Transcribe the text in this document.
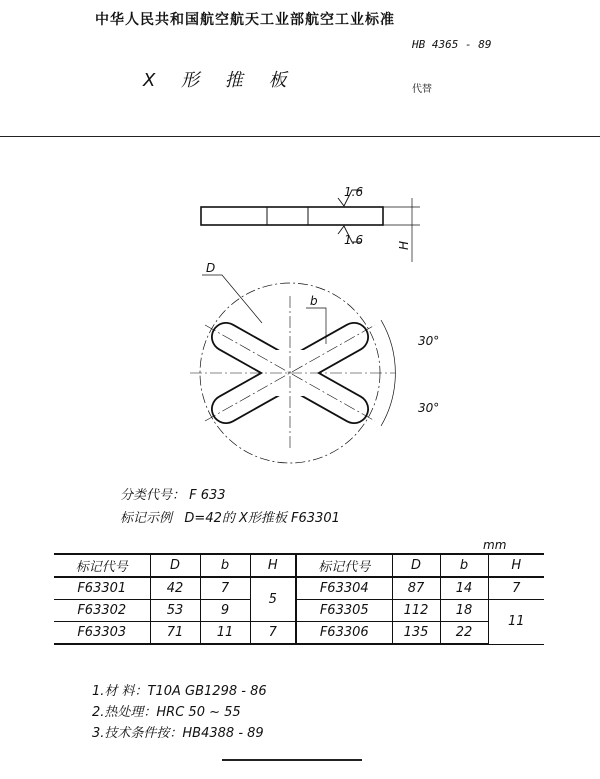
中华人民共和国航空航天工业部航空工业标准
HB 4365 - 89
X 形 推 板	代替
1.6
1.6	H
D
b
30°
30°
分类代号： F 633
标记示例 D=42的 X形推板 F63301
mm
标记代号	D	b	H	标记代号	D	b	H
F63301	42	7	5	F63304	87	14	7
F63302	53	9		F63305	112	18	11
F63303	71	11	7	F63306	135	22	
1.材 料：T10A GB1298 - 86
2.热处理：HRC 50 ~ 55
3.技术条件按：HB4388 - 89
